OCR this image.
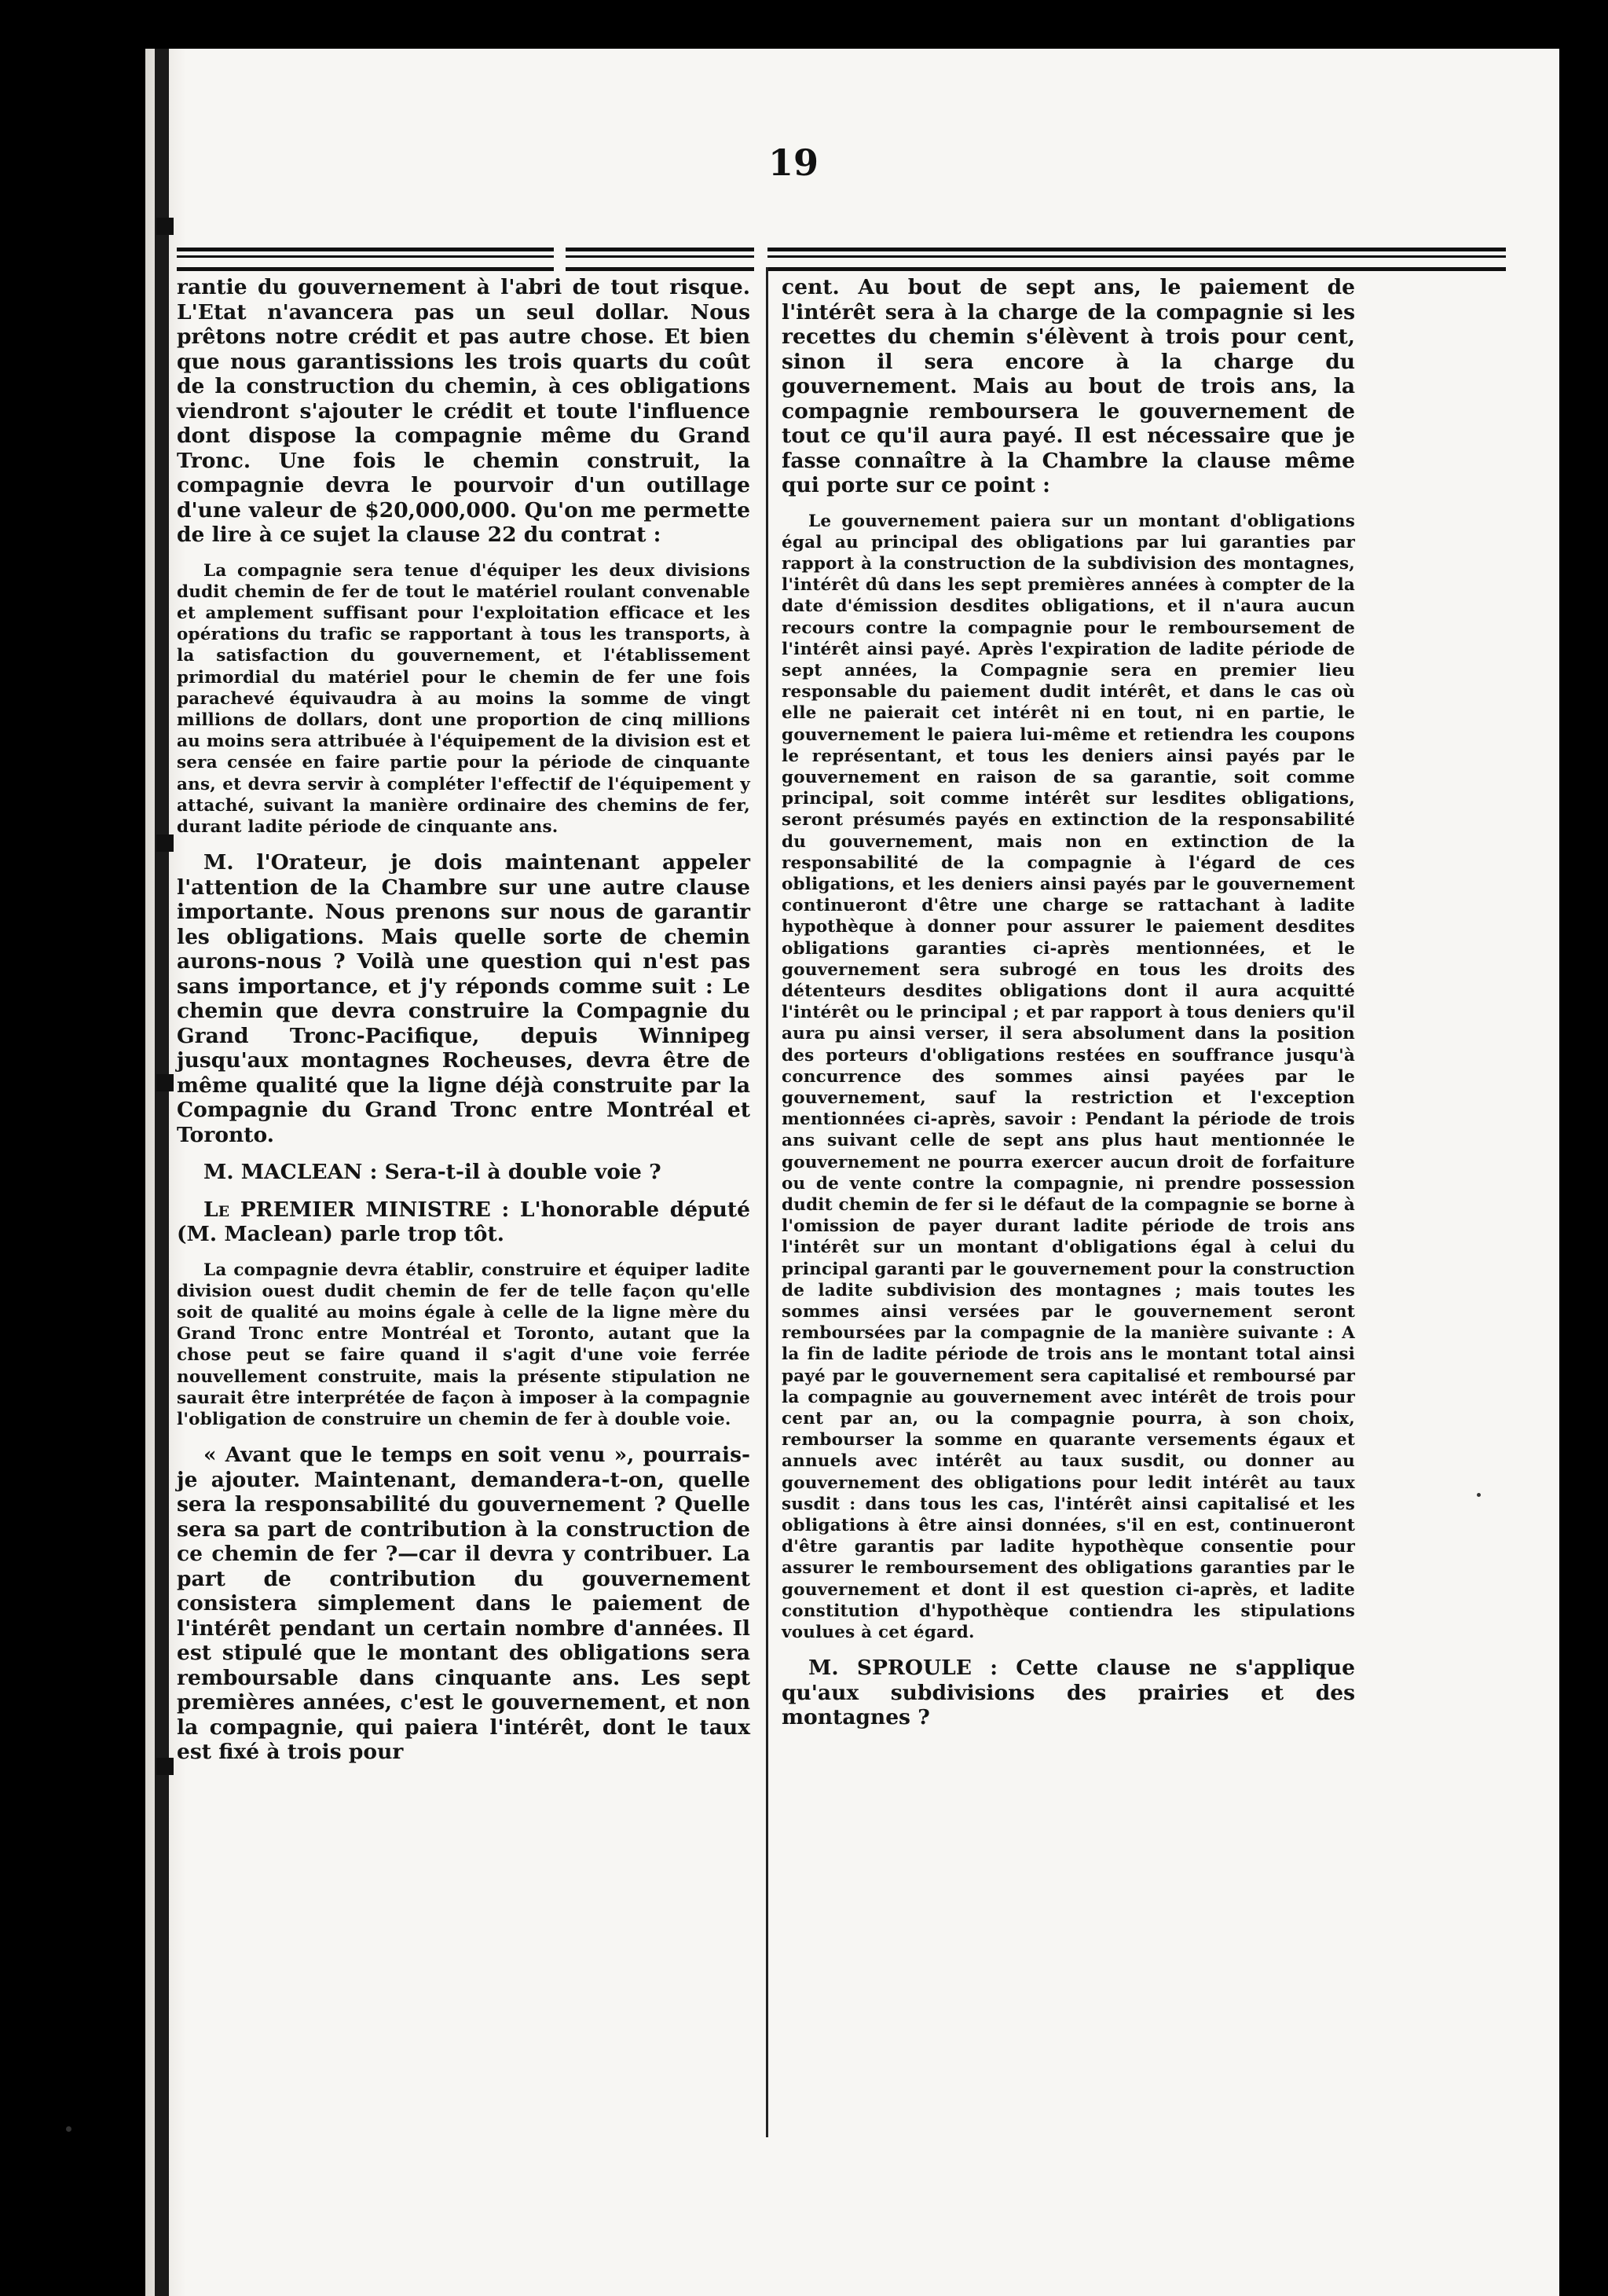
19

rantie du gouvernement à l'abri de tout risque. L'Etat n'avancera pas un seul dollar. Nous prêtons notre crédit et pas autre chose. Et bien que nous garantissions les trois quarts du coût de la construction du chemin, à ces obligations viendront s'ajouter le crédit et toute l'influence dont dispose la compagnie même du Grand Tronc. Une fois le chemin construit, la compagnie devra le pourvoir d'un outillage d'une valeur de $20,000,000. Qu'on me permette de lire à ce sujet la clause 22 du contrat :

La compagnie sera tenue d'équiper les deux divisions dudit chemin de fer de tout le matériel roulant convenable et amplement suffisant pour l'exploitation efficace et les opérations du trafic se rapportant à tous les transports, à la satisfaction du gouvernement, et l'établissement primordial du matériel pour le chemin de fer une fois parachevé équivaudra à au moins la somme de vingt millions de dollars, dont une proportion de cinq millions au moins sera attribuée à l'équipement de la division est et sera censée en faire partie pour la période de cinquante ans, et devra servir à compléter l'effectif de l'équipement y attaché, suivant la manière ordinaire des chemins de fer, durant ladite période de cinquante ans.

M. l'Orateur, je dois maintenant appeler l'attention de la Chambre sur une autre clause importante. Nous prenons sur nous de garantir les obligations. Mais quelle sorte de chemin aurons-nous ? Voilà une question qui n'est pas sans importance, et j'y réponds comme suit : Le chemin que devra construire la Compagnie du Grand Tronc-Pacifique, depuis Winnipeg jusqu'aux montagnes Rocheuses, devra être de même qualité que la ligne déjà construite par la Compagnie du Grand Tronc entre Montréal et Toronto.

M. MACLEAN : Sera-t-il à double voie ?

Le PREMIER MINISTRE : L'honorable député (M. Maclean) parle trop tôt.

La compagnie devra établir, construire et équiper ladite division ouest dudit chemin de fer de telle façon qu'elle soit de qualité au moins égale à celle de la ligne mère du Grand Tronc entre Montréal et Toronto, autant que la chose peut se faire quand il s'agit d'une voie ferrée nouvellement construite, mais la présente stipulation ne saurait être interprétée de façon à imposer à la compagnie l'obligation de construire un chemin de fer à double voie.

« Avant que le temps en soit venu », pourrais-je ajouter. Maintenant, demandera-t-on, quelle sera la responsabilité du gouvernement ? Quelle sera sa part de contribution à la construction de ce chemin de fer ?—car il devra y contribuer. La part de contribution du gouvernement consistera simplement dans le paiement de l'intérêt pendant un certain nombre d'années. Il est stipulé que le montant des obligations sera remboursable dans cinquante ans. Les sept premières années, c'est le gouvernement, et non la compagnie, qui paiera l'intérêt, dont le taux est fixé à trois pour

cent. Au bout de sept ans, le paiement de l'intérêt sera à la charge de la compagnie si les recettes du chemin s'élèvent à trois pour cent, sinon il sera encore à la charge du gouvernement. Mais au bout de trois ans, la compagnie remboursera le gouvernement de tout ce qu'il aura payé. Il est nécessaire que je fasse connaître à la Chambre la clause même qui porte sur ce point :

Le gouvernement paiera sur un montant d'obligations égal au principal des obligations par lui garanties par rapport à la construction de la subdivision des montagnes, l'intérêt dû dans les sept premières années à compter de la date d'émission desdites obligations, et il n'aura aucun recours contre la compagnie pour le remboursement de l'intérêt ainsi payé. Après l'expiration de ladite période de sept années, la Compagnie sera en premier lieu responsable du paiement dudit intérêt, et dans le cas où elle ne paierait cet intérêt ni en tout, ni en partie, le gouvernement le paiera lui-même et retiendra les coupons le représentant, et tous les deniers ainsi payés par le gouvernement en raison de sa garantie, soit comme principal, soit comme intérêt sur lesdites obligations, seront présumés payés en extinction de la responsabilité du gouvernement, mais non en extinction de la responsabilité de la compagnie à l'égard de ces obligations, et les deniers ainsi payés par le gouvernement continueront d'être une charge se rattachant à ladite hypothèque à donner pour assurer le paiement desdites obligations garanties ci-après mentionnées, et le gouvernement sera subrogé en tous les droits des détenteurs desdites obligations dont il aura acquitté l'intérêt ou le principal ; et par rapport à tous deniers qu'il aura pu ainsi verser, il sera absolument dans la position des porteurs d'obligations restées en souffrance jusqu'à concurrence des sommes ainsi payées par le gouvernement, sauf la restriction et l'exception mentionnées ci-après, savoir : Pendant la période de trois ans suivant celle de sept ans plus haut mentionnée le gouvernement ne pourra exercer aucun droit de forfaiture ou de vente contre la compagnie, ni prendre possession dudit chemin de fer si le défaut de la compagnie se borne à l'omission de payer durant ladite période de trois ans l'intérêt sur un montant d'obligations égal à celui du principal garanti par le gouvernement pour la construction de ladite subdivision des montagnes ; mais toutes les sommes ainsi versées par le gouvernement seront remboursées par la compagnie de la manière suivante : A la fin de ladite période de trois ans le montant total ainsi payé par le gouvernement sera capitalisé et remboursé par la compagnie au gouvernement avec intérêt de trois pour cent par an, ou la compagnie pourra, à son choix, rembourser la somme en quarante versements égaux et annuels avec intérêt au taux susdit, ou donner au gouvernement des obligations pour ledit intérêt au taux susdit : dans tous les cas, l'intérêt ainsi capitalisé et les obligations à être ainsi données, s'il en est, continueront d'être garantis par ladite hypothèque consentie pour assurer le remboursement des obligations garanties par le gouvernement et dont il est question ci-après, et ladite constitution d'hypothèque contiendra les stipulations voulues à cet égard.

M. SPROULE : Cette clause ne s'applique qu'aux subdivisions des prairies et des montagnes ?
